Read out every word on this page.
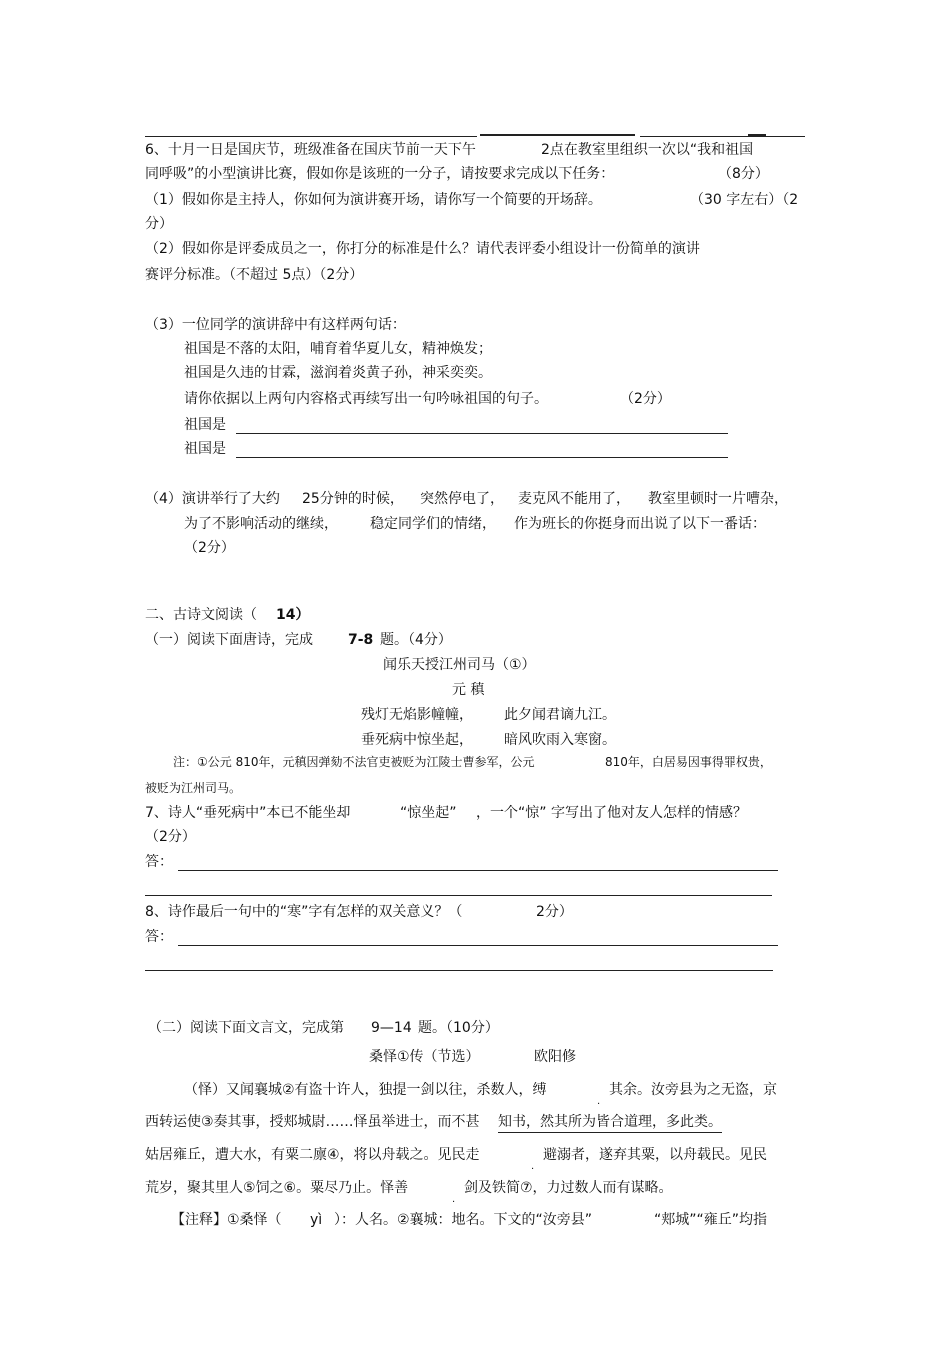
6、十月一日是国庆节，班级准备在国庆节前一天下午	2点在教室里组织一次以“我和祖国
同呼吸”的小型演讲比赛，假如你是该班的一分子，请按要求完成以下任务：	（8分）
（1）假如你是主持人，你如何为演讲赛开场，请你写一个简要的开场辞。	（30 字左右）（2
分）
（2）假如你是评委成员之一，你打分的标准是什么？请代表评委小组设计一份简单的演讲
赛评分标准。（不超过 5点）（2分）
（3）一位同学的演讲辞中有这样两句话：
祖国是不落的太阳，哺育着华夏儿女，精神焕发；
祖国是久违的甘霖，滋润着炎黄子孙，神采奕奕。
请你依据以上两句内容格式再续写出一句吟咏祖国的句子。	（2分）
祖国是
祖国是
（4）演讲举行了大约 25分钟的时候， 突然停电了， 麦克风不能用了， 教室里顿时一片嘈杂，
为了不影响活动的继续， 稳定同学们的情绪， 作为班长的你挺身而出说了以下一番话：
（2分）
二、古诗文阅读（ 14）
（一）阅读下面唐诗，完成	7-8 题。（4分）
闻乐天授江州司马（①）
元 稹
残灯无焰影幢幢， 此夕闻君谪九江。
垂死病中惊坐起， 暗风吹雨入寒窗。
注：①公元 810年，元稹因弹劾不法官吏被贬为江陵士曹参军，公元	810年，白居易因事得罪权贵，
被贬为江州司马。
7、诗人“垂死病中”本已不能坐却	“惊坐起” ，一个“惊” 字写出了他对友人怎样的情感？
（2分）
答：
8、诗作最后一句中的“寒”字有怎样的双关意义？（	2分）
答：
（二）阅读下面文言文，完成第 9—14 题。（10分）
桑怿①传（节选）	欧阳修
（怿）又闻襄城②有盗十许人，独提一剑以往，杀数人，缚
.
其余。汝旁县为之无盗，京
西转运使③奏其事，授郏城尉……怿虽举进士，而不甚 知书，然其所为皆合道理，多此类。
姑居雍丘，遭大水，有粟二廪④，将以舟载之。见民走
.
避溺者，遂弃其粟，以舟载民。见民
荒岁，聚其里人⑤饲之⑥。粟尽乃止。怿善
.
剑及铁简⑦，力过数人而有谋略。
【注释】①桑怿（ yì ）：人名。②襄城：地名。下文的“汝旁县”	“郏城”“雍丘”均指
